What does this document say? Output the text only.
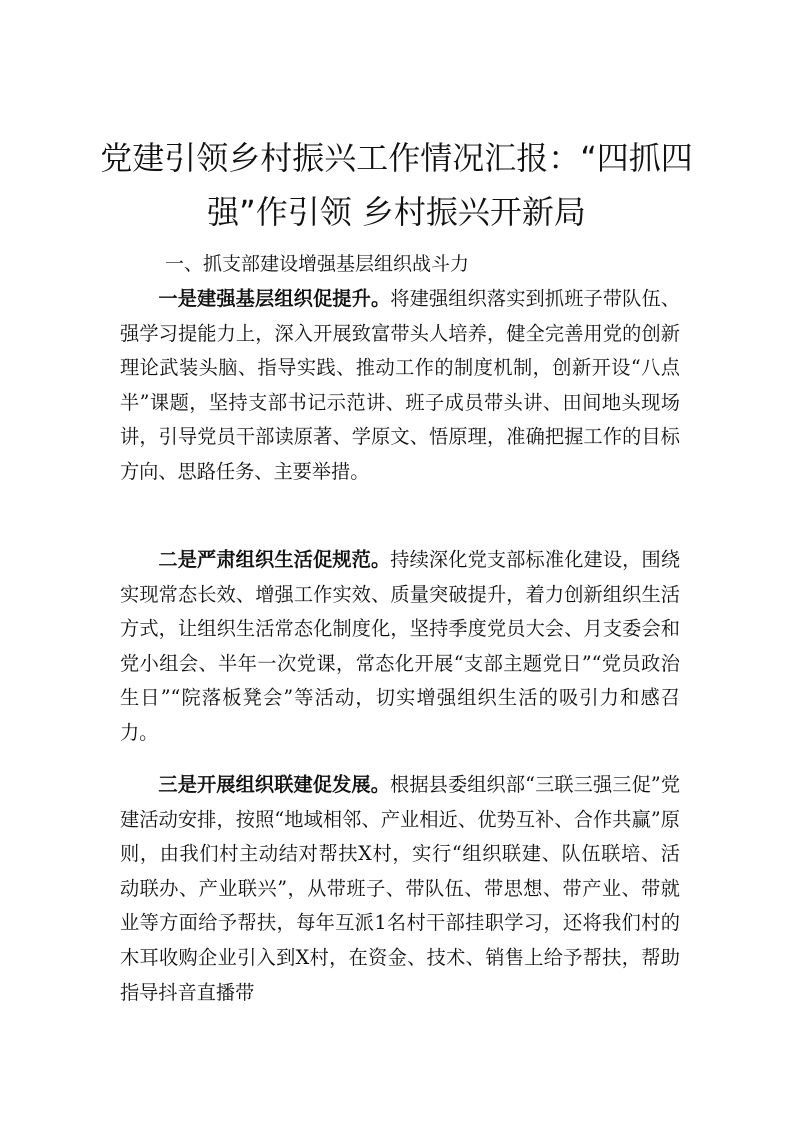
党建引领乡村振兴工作情况汇报：“四抓四
强”作引领 乡村振兴开新局
一、抓支部建设增强基层组织战斗力

一是建强基层组织促提升。将建强组织落实到抓班子带队伍、强学习提能力上，深入开展致富带头人培养，健全完善用党的创新理论武装头脑、指导实践、推动工作的制度机制，创新开设“八点半”课题，坚持支部书记示范讲、班子成员带头讲、田间地头现场讲，引导党员干部读原著、学原文、悟原理，准确把握工作的目标方向、思路任务、主要举措。

二是严肃组织生活促规范。持续深化党支部标准化建设，围绕实现常态长效、增强工作实效、质量突破提升，着力创新组织生活方式，让组织生活常态化制度化，坚持季度党员大会、月支委会和党小组会、半年一次党课，常态化开展“支部主题党日”“党员政治生日”“院落板凳会”等活动，切实增强组织生活的吸引力和感召力。

三是开展组织联建促发展。根据县委组织部“三联三强三促”党建活动安排，按照“地域相邻、产业相近、优势互补、合作共赢”原则，由我们村主动结对帮扶X村，实行“组织联建、队伍联培、活动联办、产业联兴”，从带班子、带队伍、带思想、带产业、带就业等方面给予帮扶，每年互派1名村干部挂职学习，还将我们村的木耳收购企业引入到X村，在资金、技术、销售上给予帮扶，帮助指导抖音直播带
